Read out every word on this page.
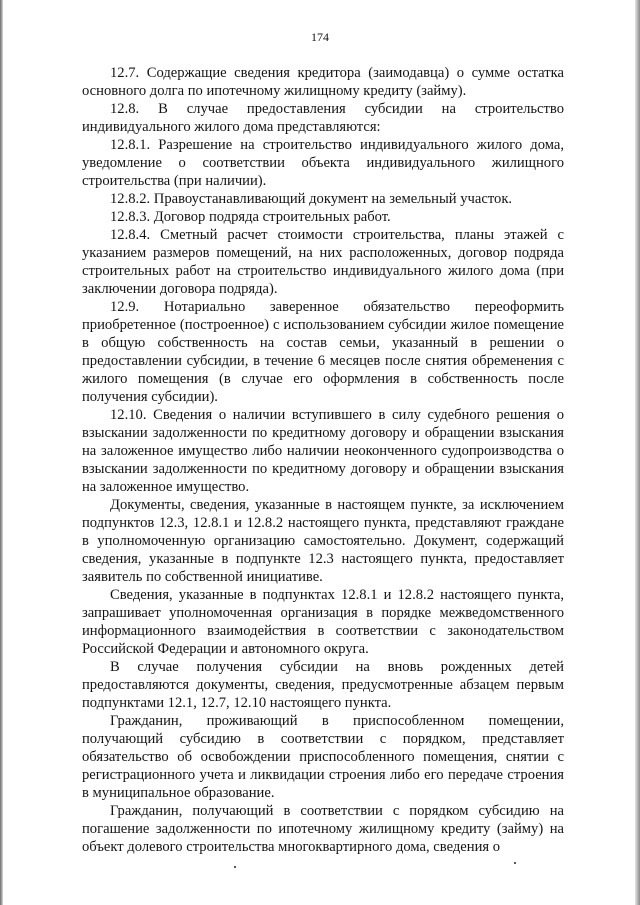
174

12.7. Содержащие сведения кредитора (заимодавца) о сумме остатка основного долга по ипотечному жилищному кредиту (займу).

12.8. В случае предоставления субсидии на строительство индивидуального жилого дома представляются:

12.8.1. Разрешение на строительство индивидуального жилого дома, уведомление о соответствии объекта индивидуального жилищного строительства (при наличии).

12.8.2. Правоустанавливающий документ на земельный участок.

12.8.3. Договор подряда строительных работ.

12.8.4. Сметный расчет стоимости строительства, планы этажей с указанием размеров помещений, на них расположенных, договор подряда строительных работ на строительство индивидуального жилого дома (при заключении договора подряда).

12.9. Нотариально заверенное обязательство переоформить приобретенное (построенное) с использованием субсидии жилое помещение в общую собственность на состав семьи, указанный в решении о предоставлении субсидии, в течение 6 месяцев после снятия обременения с жилого помещения (в случае его оформления в собственность после получения субсидии).

12.10. Сведения о наличии вступившего в силу судебного решения о взыскании задолженности по кредитному договору и обращении взыскания на заложенное имущество либо наличии неоконченного судопроизводства о взыскании задолженности по кредитному договору и обращении взыскания на заложенное имущество.

Документы, сведения, указанные в настоящем пункте, за исключением подпунктов 12.3, 12.8.1 и 12.8.2 настоящего пункта, представляют граждане в уполномоченную организацию самостоятельно. Документ, содержащий сведения, указанные в подпункте 12.3 настоящего пункта, предоставляет заявитель по собственной инициативе.

Сведения, указанные в подпунктах 12.8.1 и 12.8.2 настоящего пункта, запрашивает уполномоченная организация в порядке межведомственного информационного взаимодействия в соответствии с законодательством Российской Федерации и автономного округа.

В случае получения субсидии на вновь рожденных детей предоставляются документы, сведения, предусмотренные абзацем первым подпунктами 12.1, 12.7, 12.10 настоящего пункта.

Гражданин, проживающий в приспособленном помещении, получающий субсидию в соответствии с порядком, представляет обязательство об освобождении приспособленного помещения, снятии с регистрационного учета и ликвидации строения либо его передаче строения в муниципальное образование.

Гражданин, получающий в соответствии с порядком субсидию на погашение задолженности по ипотечному жилищному кредиту (займу) на объект долевого строительства многоквартирного дома, сведения о
